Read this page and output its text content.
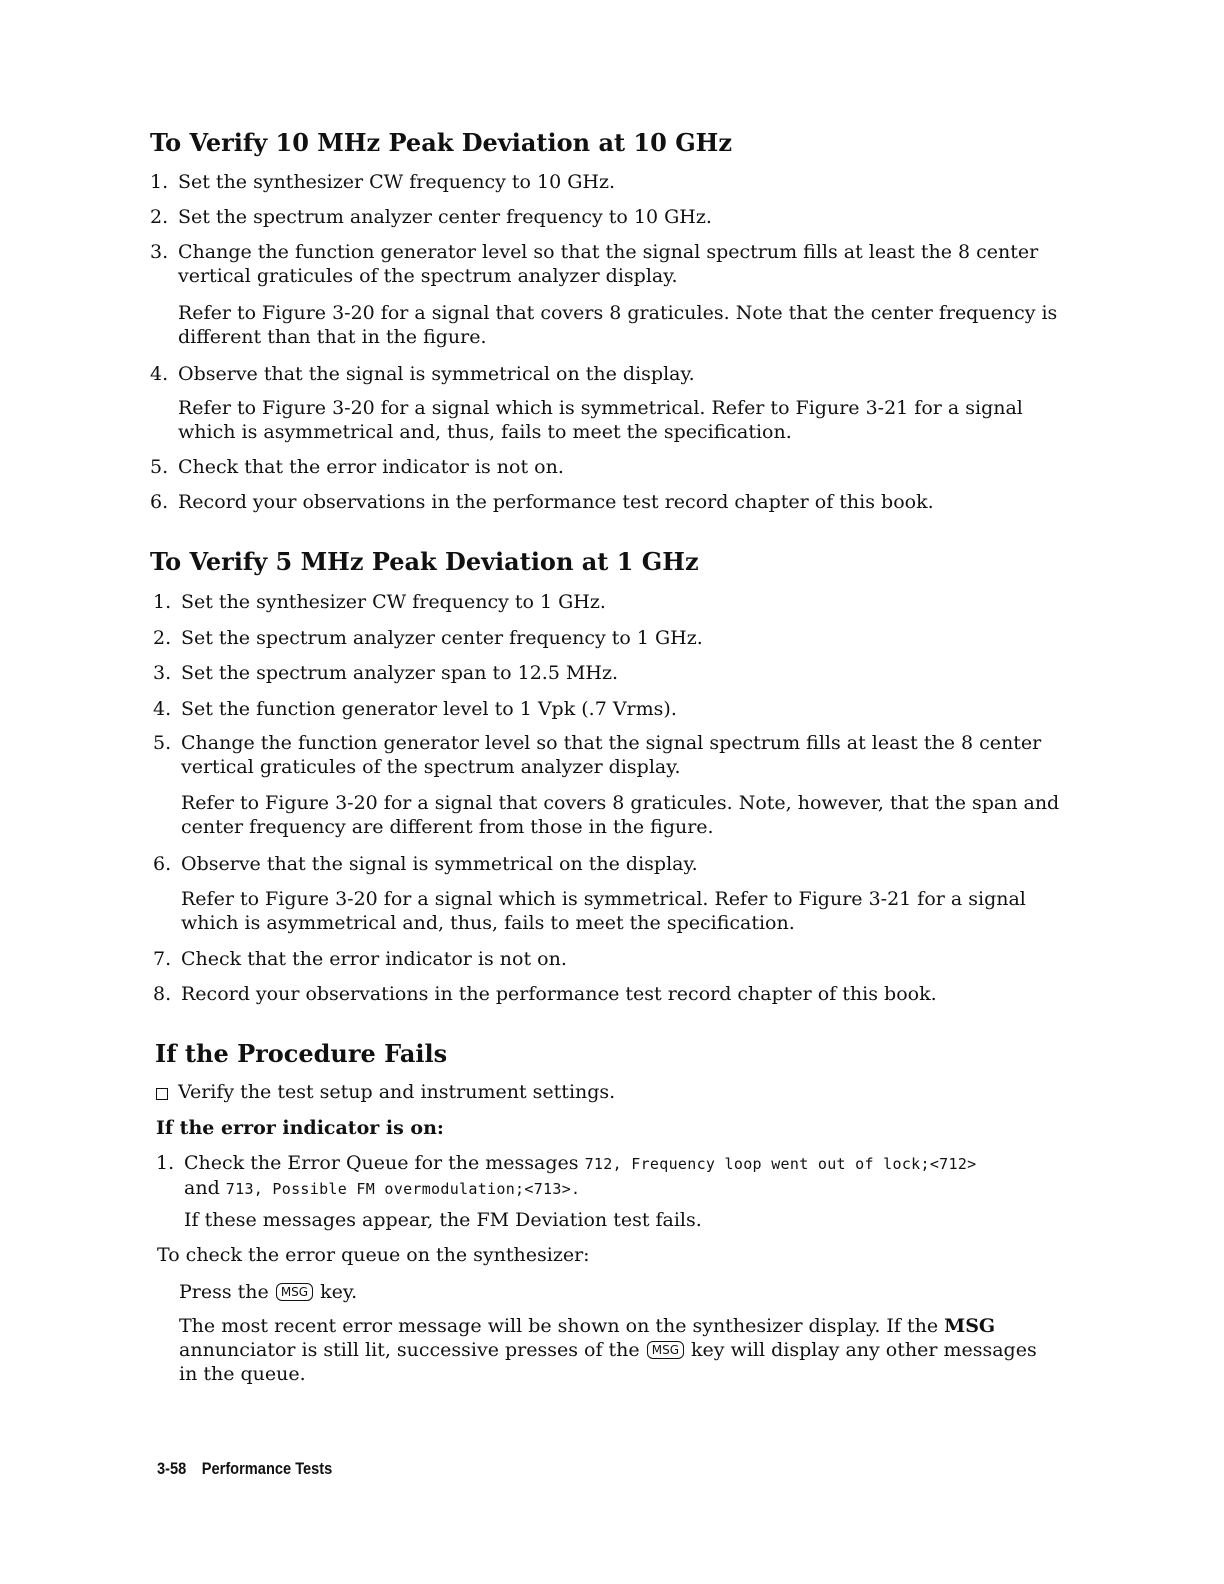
To Verify 10 MHz Peak Deviation at 10 GHz

1. Set the synthesizer CW frequency to 10 GHz.

2. Set the spectrum analyzer center frequency to 10 GHz.

3. Change the function generator level so that the signal spectrum fills at least the 8 center vertical graticules of the spectrum analyzer display.

Refer to Figure 3-20 for a signal that covers 8 graticules. Note that the center frequency is different than that in the figure.

4. Observe that the signal is symmetrical on the display.

Refer to Figure 3-20 for a signal which is symmetrical. Refer to Figure 3-21 for a signal which is asymmetrical and, thus, fails to meet the specification.

5. Check that the error indicator is not on.

6. Record your observations in the performance test record chapter of this book.

To Verify 5 MHz Peak Deviation at 1 GHz

1. Set the synthesizer CW frequency to 1 GHz.

2. Set the spectrum analyzer center frequency to 1 GHz.

3. Set the spectrum analyzer span to 12.5 MHz.

4. Set the function generator level to 1 Vpk (.7 Vrms).

5. Change the function generator level so that the signal spectrum fills at least the 8 center vertical graticules of the spectrum analyzer display.

Refer to Figure 3-20 for a signal that covers 8 graticules. Note, however, that the span and center frequency are different from those in the figure.

6. Observe that the signal is symmetrical on the display.

Refer to Figure 3-20 for a signal which is symmetrical. Refer to Figure 3-21 for a signal which is asymmetrical and, thus, fails to meet the specification.

7. Check that the error indicator is not on.

8. Record your observations in the performance test record chapter of this book.

If the Procedure Fails

Verify the test setup and instrument settings.

If the error indicator is on:

1. Check the Error Queue for the messages 712, Frequency loop went out of lock;<712>
and 713, Possible FM overmodulation;<713>.

If these messages appear, the FM Deviation test fails.

To check the error queue on the synthesizer:

Press the MSG key.

The most recent error message will be shown on the synthesizer display. If the MSG annunciator is still lit, successive presses of the MSG key will display any other messages in the queue.

3-58 Performance Tests
